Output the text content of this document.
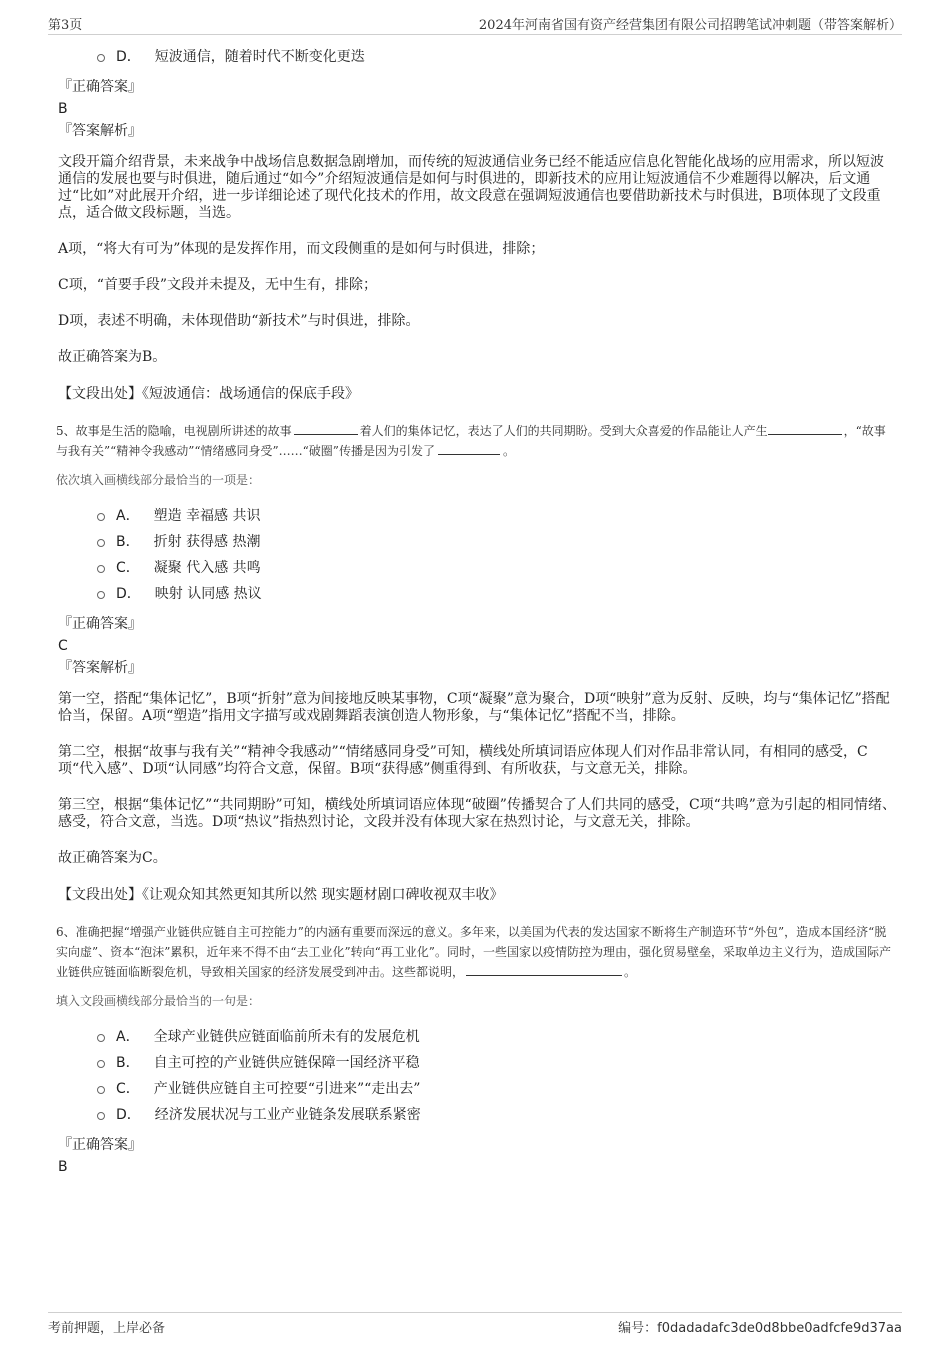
第3页	2024年河南省国有资产经营集团有限公司招聘笔试冲刺题（带答案解析）
D． 短波通信，随着时代不断变化更迭
『正确答案』
B
『答案解析』

文段开篇介绍背景，未来战争中战场信息数据急剧增加，而传统的短波通信业务已经不能适应信息化智能化战场的应用需求，所以短波通信的发展也要与时俱进，随后通过“如今”介绍短波通信是如何与时俱进的，即新技术的应用让短波通信不少难题得以解决，后文通过“比如”对此展开介绍，进一步详细论述了现代化技术的作用，故文段意在强调短波通信也要借助新技术与时俱进，B项体现了文段重点，适合做文段标题，当选。

A项，“将大有可为”体现的是发挥作用，而文段侧重的是如何与时俱进，排除；

C项，“首要手段”文段并未提及，无中生有，排除；

D项，表述不明确，未体现借助“新技术”与时俱进，排除。

故正确答案为B。

【文段出处】《短波通信：战场通信的保底手段》

5、故事是生活的隐喻，电视剧所讲述的故事	着人们的集体记忆，表达了人们的共同期盼。受到大众喜爱的作品能让人产生	，“故事与我有关”“精神令我感动”“情绪感同身受”……“破圈”传播是因为引发了	。

依次填入画横线部分最恰当的一项是：

A． 塑造 幸福感 共识
B． 折射 获得感 热潮
C． 凝聚 代入感 共鸣
D． 映射 认同感 热议
『正确答案』
C
『答案解析』

第一空，搭配“集体记忆”，B项“折射”意为间接地反映某事物，C项“凝聚”意为聚合，D项“映射”意为反射、反映，均与“集体记忆”搭配恰当，保留。A项“塑造”指用文字描写或戏剧舞蹈表演创造人物形象，与“集体记忆”搭配不当，排除。

第二空，根据“故事与我有关”“精神令我感动”“情绪感同身受”可知，横线处所填词语应体现人们对作品非常认同，有相同的感受，C项“代入感”、D项“认同感”均符合文意，保留。B项“获得感”侧重得到、有所收获，与文意无关，排除。

第三空，根据“集体记忆”“共同期盼”可知，横线处所填词语应体现“破圈”传播契合了人们共同的感受，C项“共鸣”意为引起的相同情绪、感受，符合文意，当选。D项“热议”指热烈讨论，文段并没有体现大家在热烈讨论，与文意无关，排除。

故正确答案为C。

【文段出处】《让观众知其然更知其所以然 现实题材剧口碑收视双丰收》

6、准确把握“增强产业链供应链自主可控能力”的内涵有重要而深远的意义。多年来，以美国为代表的发达国家不断将生产制造环节“外包”，造成本国经济“脱实向虚”、资本“泡沫”累积，近年来不得不由“去工业化”转向“再工业化”。同时，一些国家以疫情防控为理由，强化贸易壁垒，采取单边主义行为，造成国际产业链供应链面临断裂危机，导致相关国家的经济发展受到冲击。这些都说明，	。

填入文段画横线部分最恰当的一句是：

A． 全球产业链供应链面临前所未有的发展危机
B． 自主可控的产业链供应链保障一国经济平稳
C． 产业链供应链自主可控要“引进来”“走出去”
D． 经济发展状况与工业产业链条发展联系紧密
『正确答案』
B
考前押题，上岸必备	编号：f0dadadafc3de0d8bbe0adfcfe9d37aa
